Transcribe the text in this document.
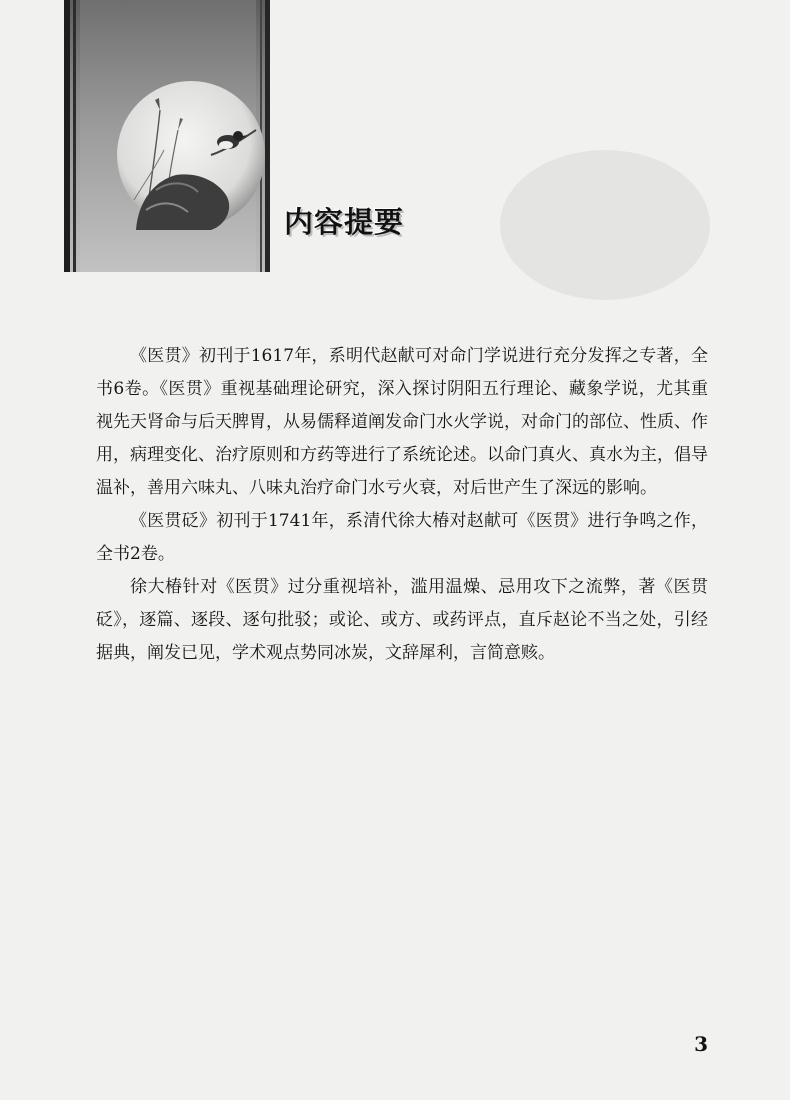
内容提要

《医贯》初刊于1617年，系明代赵献可对命门学说进行充分发挥之专著，全书6卷。《医贯》重视基础理论研究，深入探讨阴阳五行理论、藏象学说，尤其重视先天肾命与后天脾胃，从易儒释道阐发命门水火学说，对命门的部位、性质、作用，病理变化、治疗原则和方药等进行了系统论述。以命门真火、真水为主，倡导温补，善用六味丸、八味丸治疗命门水亏火衰，对后世产生了深远的影响。

《医贯砭》初刊于1741年，系清代徐大椿对赵献可《医贯》进行争鸣之作，全书2卷。

徐大椿针对《医贯》过分重视培补，滥用温燥、忌用攻下之流弊，著《医贯砭》，逐篇、逐段、逐句批驳；或论、或方、或药评点，直斥赵论不当之处，引经据典，阐发已见，学术观点势同冰炭，文辞犀利，言简意赅。

3
